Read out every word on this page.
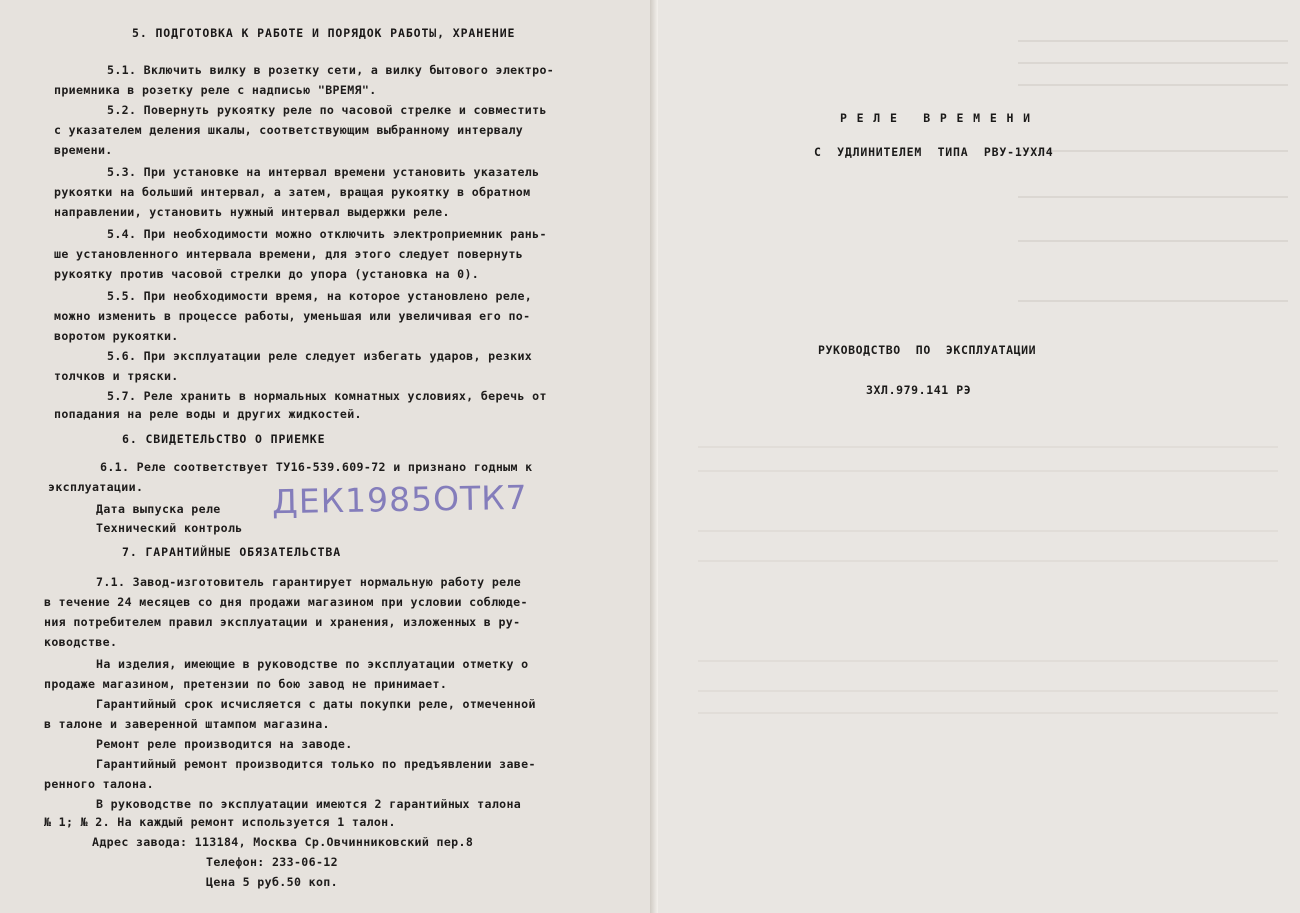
5. ПОДГОТОВКА К РАБОТЕ И ПОРЯДОК РАБОТЫ, ХРАНЕНИЕ
5.1. Включить вилку в розетку сети, а вилку бытового электро-
приемника в розетку реле с надписью "ВРЕМЯ".
5.2. Повернуть рукоятку реле по часовой стрелке и совместить
с указателем деления шкалы, соответствующим выбранному интервалу
времени.
5.3. При установке на интервал времени установить указатель
рукоятки на больший интервал, а затем, вращая рукоятку в обратном
направлении, установить нужный интервал выдержки реле.
5.4. При необходимости можно отключить электроприемник рань-
ше установленного интервала времени, для этого следует повернуть
рукоятку против часовой стрелки до упора (установка на 0).
5.5. При необходимости время, на которое установлено реле,
можно изменить в процессе работы, уменьшая или увеличивая его по-
воротом рукоятки.
5.6. При эксплуатации реле следует избегать ударов, резких
толчков и тряски.
5.7. Реле хранить в нормальных комнатных условиях, беречь от
попадания на реле воды и других жидкостей.
6. СВИДЕТЕЛЬСТВО О ПРИЕМКЕ
6.1. Реле соответствует ТУ16-539.609-72 и признано годным к
эксплуатации.
Дата выпуска реле
Технический контроль
ДЕК1985ОТК7
7. ГАРАНТИЙНЫЕ ОБЯЗАТЕЛЬСТВА
7.1. Завод-изготовитель гарантирует нормальную работу реле
в течение 24 месяцев со дня продажи магазином при условии соблюде-
ния потребителем правил эксплуатации и хранения, изложенных в ру-
ководстве.
На изделия, имеющие в руководстве по эксплуатации отметку о
продаже магазином, претензии по бою завод не принимает.
Гарантийный срок исчисляется с даты покупки реле, отмеченной
в талоне и заверенной штампом магазина.
Ремонт реле производится на заводе.
Гарантийный ремонт производится только по предъявлении заве-
ренного талона.
В руководстве по эксплуатации имеются 2 гарантийных талона
№ 1; № 2. На каждый ремонт используется 1 талон.
Адрес завода: 113184, Москва Ср.Овчинниковский пер.8
Телефон: 233-06-12
Цена 5 руб.50 коп.
Р Е Л Е   В Р Е М Е Н И
С  УДЛИНИТЕЛЕМ  ТИПА  РВУ-1УХЛ4
РУКОВОДСТВО  ПО  ЭКСПЛУАТАЦИИ
ЗХЛ.979.141 РЭ
